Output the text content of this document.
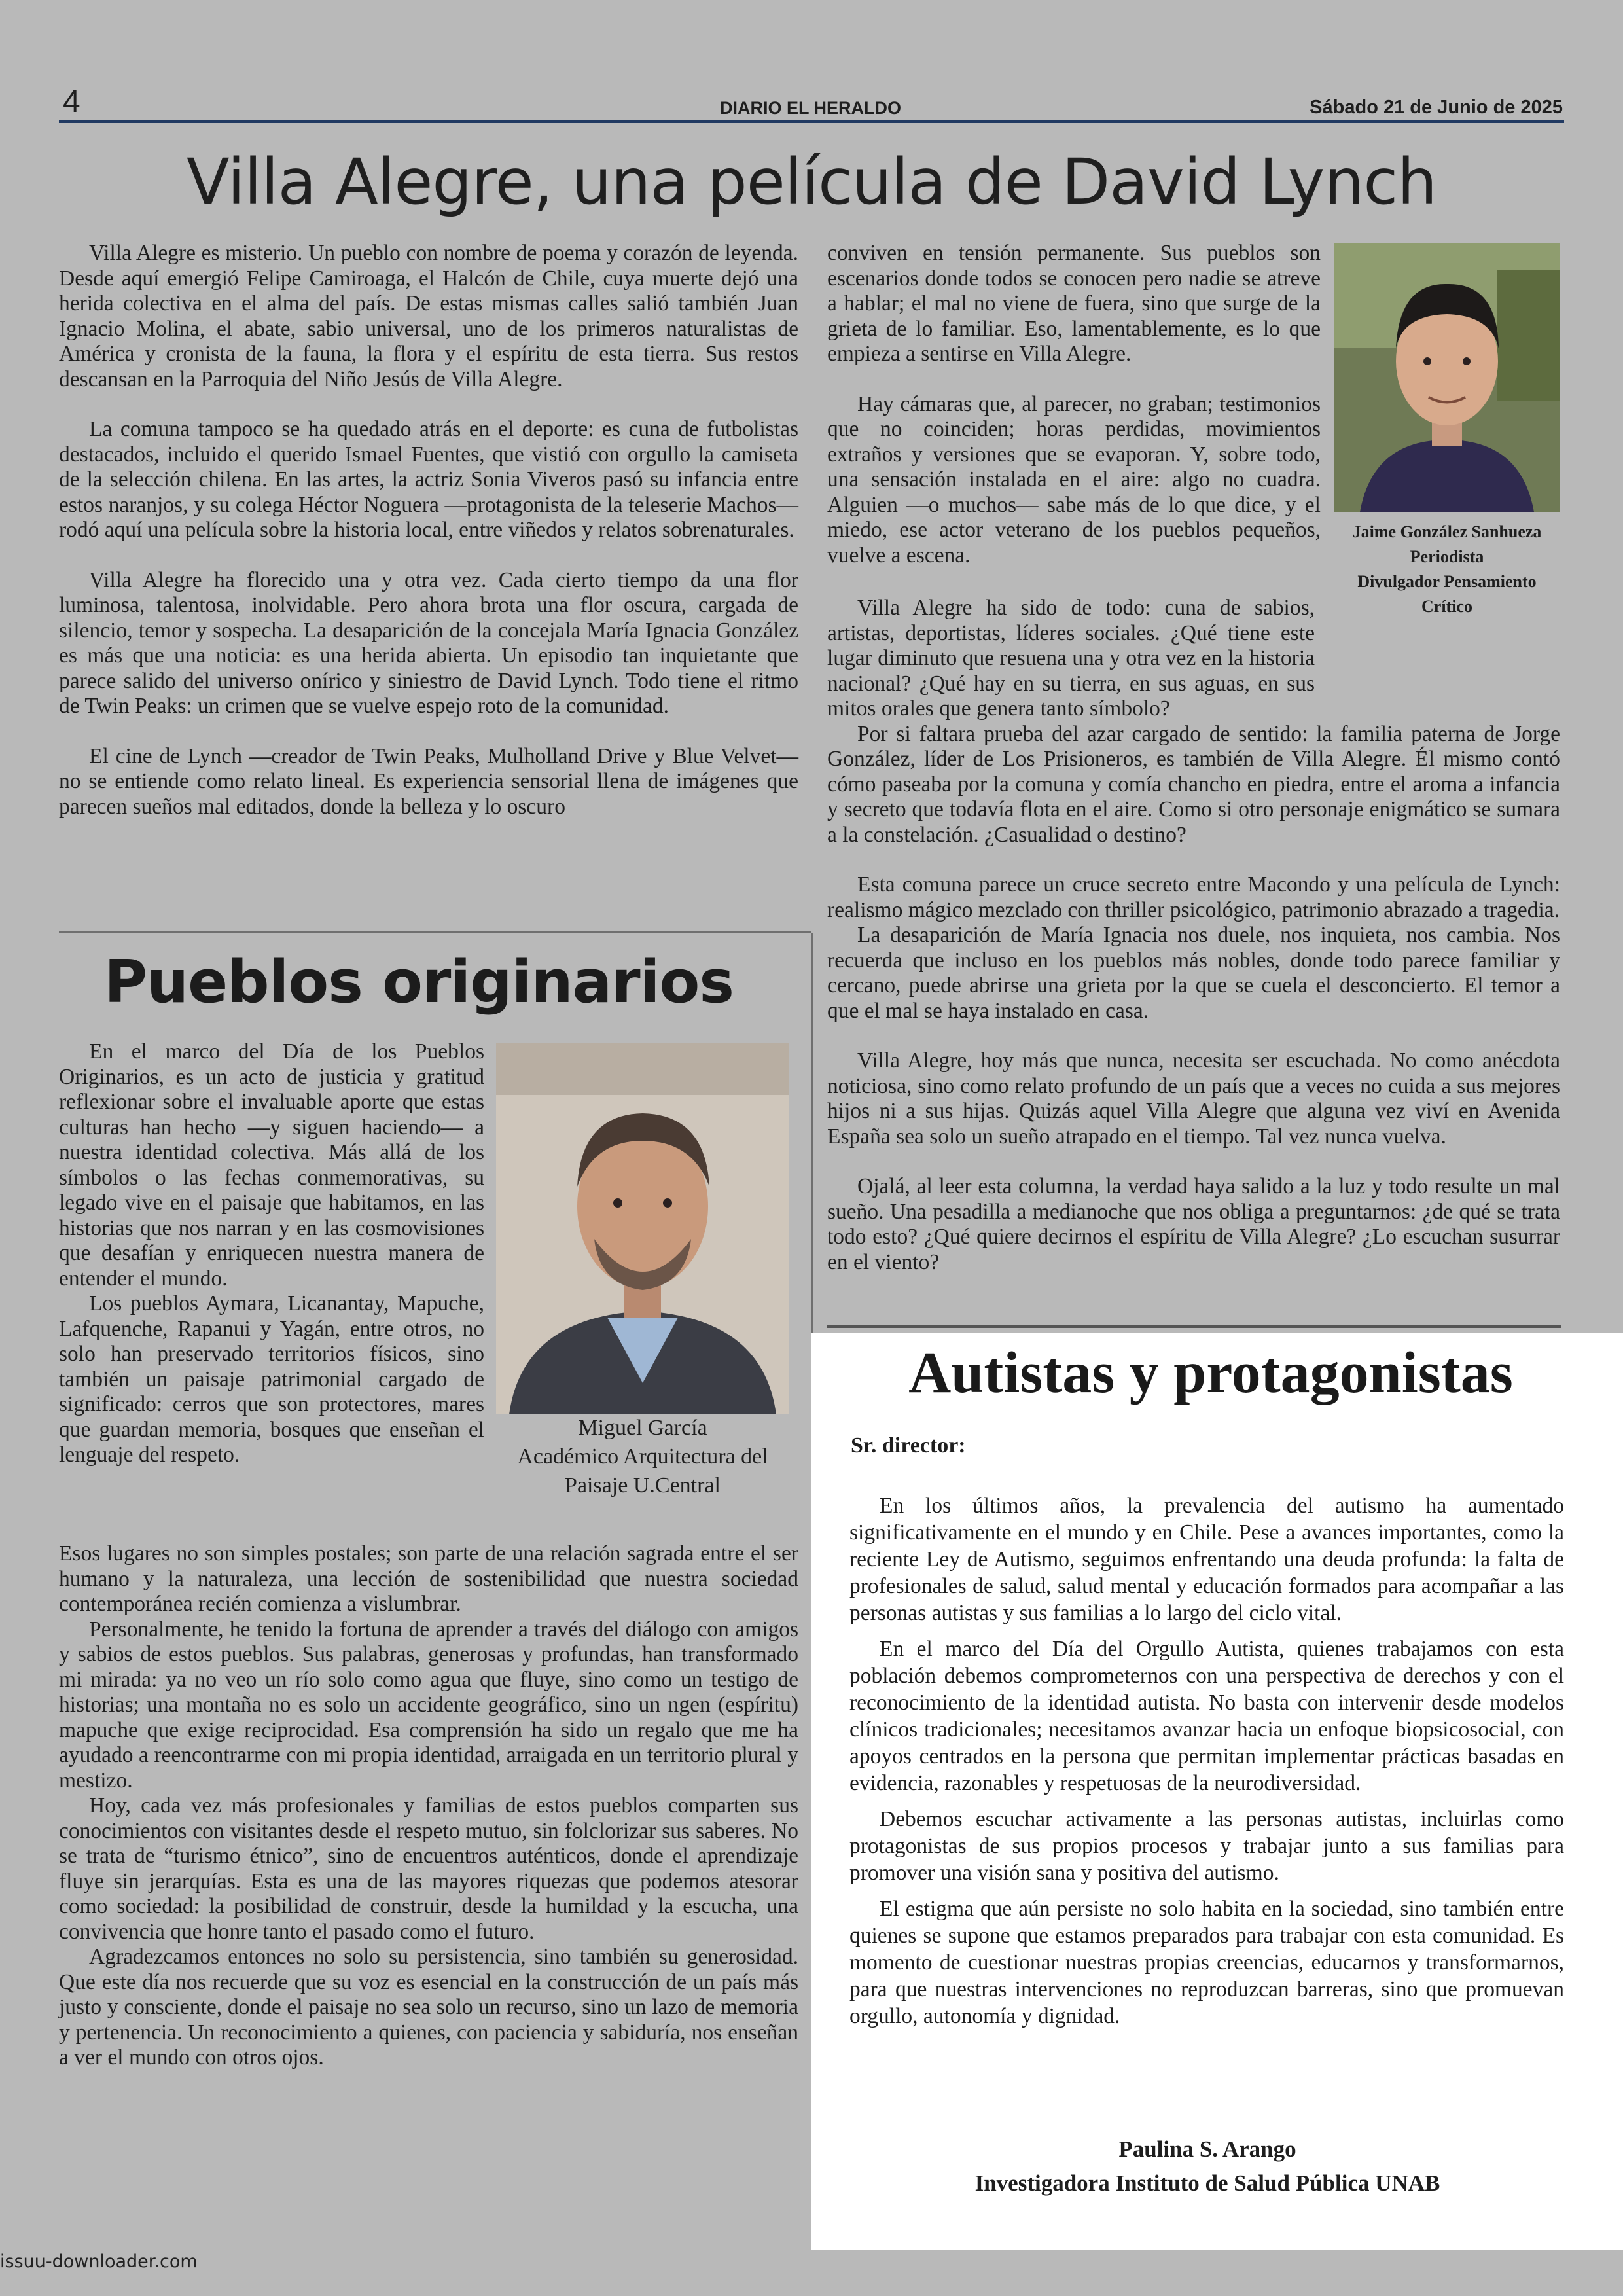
4	DIARIO EL HERALDO	Sábado 21 de Junio de 2025
Villa Alegre, una película de David Lynch

Villa Alegre es misterio. Un pueblo con nombre de poema y corazón de leyenda. Desde aquí emergió Felipe Camiroaga, el Halcón de Chile, cuya muerte dejó una herida colectiva en el alma del país. De estas mismas calles salió también Juan Ignacio Molina, el abate, sabio universal, uno de los primeros naturalistas de América y cronista de la fauna, la flora y el espíritu de esta tierra. Sus restos descansan en la Parroquia del Niño Jesús de Villa Alegre.

La comuna tampoco se ha quedado atrás en el deporte: es cuna de futbolistas destacados, incluido el querido Ismael Fuentes, que vistió con orgullo la camiseta de la selección chilena. En las artes, la actriz Sonia Viveros pasó su infancia entre estos naranjos, y su colega Héctor Noguera —protagonista de la teleserie Machos— rodó aquí una película sobre la historia local, entre viñedos y relatos sobrenaturales.

Villa Alegre ha florecido una y otra vez. Cada cierto tiempo da una flor luminosa, talentosa, inolvidable. Pero ahora brota una flor oscura, cargada de silencio, temor y sospecha. La desaparición de la concejala María Ignacia González es más que una noticia: es una herida abierta. Un episodio tan inquietante que parece salido del universo onírico y siniestro de David Lynch. Todo tiene el ritmo de Twin Peaks: un crimen que se vuelve espejo roto de la comunidad.

El cine de Lynch —creador de Twin Peaks, Mulholland Drive y Blue Velvet— no se entiende como relato lineal. Es experiencia sensorial llena de imágenes que parecen sueños mal editados, donde la belleza y lo oscuro

conviven en tensión permanente. Sus pueblos son escenarios donde todos se conocen pero nadie se atreve a hablar; el mal no viene de fuera, sino que surge de la grieta de lo familiar. Eso, lamentablemente, es lo que empieza a sentirse en Villa Alegre.

Hay cámaras que, al parecer, no graban; testimonios que no coinciden; horas perdidas, movimientos extraños y versiones que se evaporan. Y, sobre todo, una sensación instalada en el aire: algo no cuadra. Alguien —o muchos— sabe más de lo que dice, y el miedo, ese actor veterano de los pueblos pequeños, vuelve a escena.

Jaime González Sanhueza
Periodista
Divulgador Pensamiento
Crítico

Villa Alegre ha sido de todo: cuna de sabios, artistas, deportistas, líderes sociales. ¿Qué tiene este lugar diminuto que resuena una y otra vez en la historia nacional? ¿Qué hay en su tierra, en sus aguas, en sus mitos orales que genera tanto símbolo?

Por si faltara prueba del azar cargado de sentido: la familia paterna de Jorge González, líder de Los Prisioneros, es también de Villa Alegre. Él mismo contó cómo paseaba por la comuna y comía chancho en piedra, entre el aroma a infancia y secreto que todavía flota en el aire. Como si otro personaje enigmático se sumara a la constelación. ¿Casualidad o destino?

Esta comuna parece un cruce secreto entre Macondo y una película de Lynch: realismo mágico mezclado con thriller psicológico, patrimonio abrazado a tragedia.

La desaparición de María Ignacia nos duele, nos inquieta, nos cambia. Nos recuerda que incluso en los pueblos más nobles, donde todo parece familiar y cercano, puede abrirse una grieta por la que se cuela el desconcierto. El temor a que el mal se haya instalado en casa.

Villa Alegre, hoy más que nunca, necesita ser escuchada. No como anécdota noticiosa, sino como relato profundo de un país que a veces no cuida a sus mejores hijos ni a sus hijas. Quizás aquel Villa Alegre que alguna vez viví en Avenida España sea solo un sueño atrapado en el tiempo. Tal vez nunca vuelva.

Ojalá, al leer esta columna, la verdad haya salido a la luz y todo resulte un mal sueño. Una pesadilla a medianoche que nos obliga a preguntarnos: ¿de qué se trata todo esto? ¿Qué quiere decirnos el espíritu de Villa Alegre? ¿Lo escuchan susurrar en el viento?

Pueblos originarios

En el marco del Día de los Pueblos Originarios, es un acto de justicia y gratitud reflexionar sobre el invaluable aporte que estas culturas han hecho —y siguen haciendo— a nuestra identidad colectiva. Más allá de los símbolos o las fechas conmemorativas, su legado vive en el paisaje que habitamos, en las historias que nos narran y en las cosmovisiones que desafían y enriquecen nuestra manera de entender el mundo.

Los pueblos Aymara, Licanantay, Mapuche, Lafquenche, Rapanui y Yagán, entre otros, no solo han preservado territorios físicos, sino también un paisaje patrimonial cargado de significado: cerros que son protectores, mares que guardan memoria, bosques que enseñan el lenguaje del respeto.

Miguel García
Académico Arquitectura del
Paisaje U.Central

Esos lugares no son simples postales; son parte de una relación sagrada entre el ser humano y la naturaleza, una lección de sostenibilidad que nuestra sociedad contemporánea recién comienza a vislumbrar.

Personalmente, he tenido la fortuna de aprender a través del diálogo con amigos y sabios de estos pueblos. Sus palabras, generosas y profundas, han transformado mi mirada: ya no veo un río solo como agua que fluye, sino como un testigo de historias; una montaña no es solo un accidente geográfico, sino un ngen (espíritu) mapuche que exige reciprocidad. Esa comprensión ha sido un regalo que me ha ayudado a reencontrarme con mi propia identidad, arraigada en un territorio plural y mestizo.

Hoy, cada vez más profesionales y familias de estos pueblos comparten sus conocimientos con visitantes desde el respeto mutuo, sin folclorizar sus saberes. No se trata de “turismo étnico”, sino de encuentros auténticos, donde el aprendizaje fluye sin jerarquías. Esta es una de las mayores riquezas que podemos atesorar como sociedad: la posibilidad de construir, desde la humildad y la escucha, una convivencia que honre tanto el pasado como el futuro.

Agradezcamos entonces no solo su persistencia, sino también su generosidad. Que este día nos recuerde que su voz es esencial en la construcción de un país más justo y consciente, donde el paisaje no sea solo un recurso, sino un lazo de memoria y pertenencia. Un reconocimiento a quienes, con paciencia y sabiduría, nos enseñan a ver el mundo con otros ojos.

Autistas y protagonistas
Sr. director:

En los últimos años, la prevalencia del autismo ha aumentado significativamente en el mundo y en Chile. Pese a avances importantes, como la reciente Ley de Autismo, seguimos enfrentando una deuda profunda: la falta de profesionales de salud, salud mental y educación formados para acompañar a las personas autistas y sus familias a lo largo del ciclo vital.

En el marco del Día del Orgullo Autista, quienes trabajamos con esta población debemos comprometernos con una perspectiva de derechos y con el reconocimiento de la identidad autista. No basta con intervenir desde modelos clínicos tradicionales; necesitamos avanzar hacia un enfoque biopsicosocial, con apoyos centrados en la persona que permitan implementar prácticas basadas en evidencia, razonables y respetuosas de la neurodiversidad.

Debemos escuchar activamente a las personas autistas, incluirlas como protagonistas de sus propios procesos y trabajar junto a sus familias para promover una visión sana y positiva del autismo.

El estigma que aún persiste no solo habita en la sociedad, sino también entre quienes se supone que estamos preparados para trabajar con esta comunidad. Es momento de cuestionar nuestras propias creencias, educarnos y transformarnos, para que nuestras intervenciones no reproduzcan barreras, sino que promuevan orgullo, autonomía y dignidad.

Paulina S. Arango
Investigadora Instituto de Salud Pública UNAB
issuu-downloader.com
